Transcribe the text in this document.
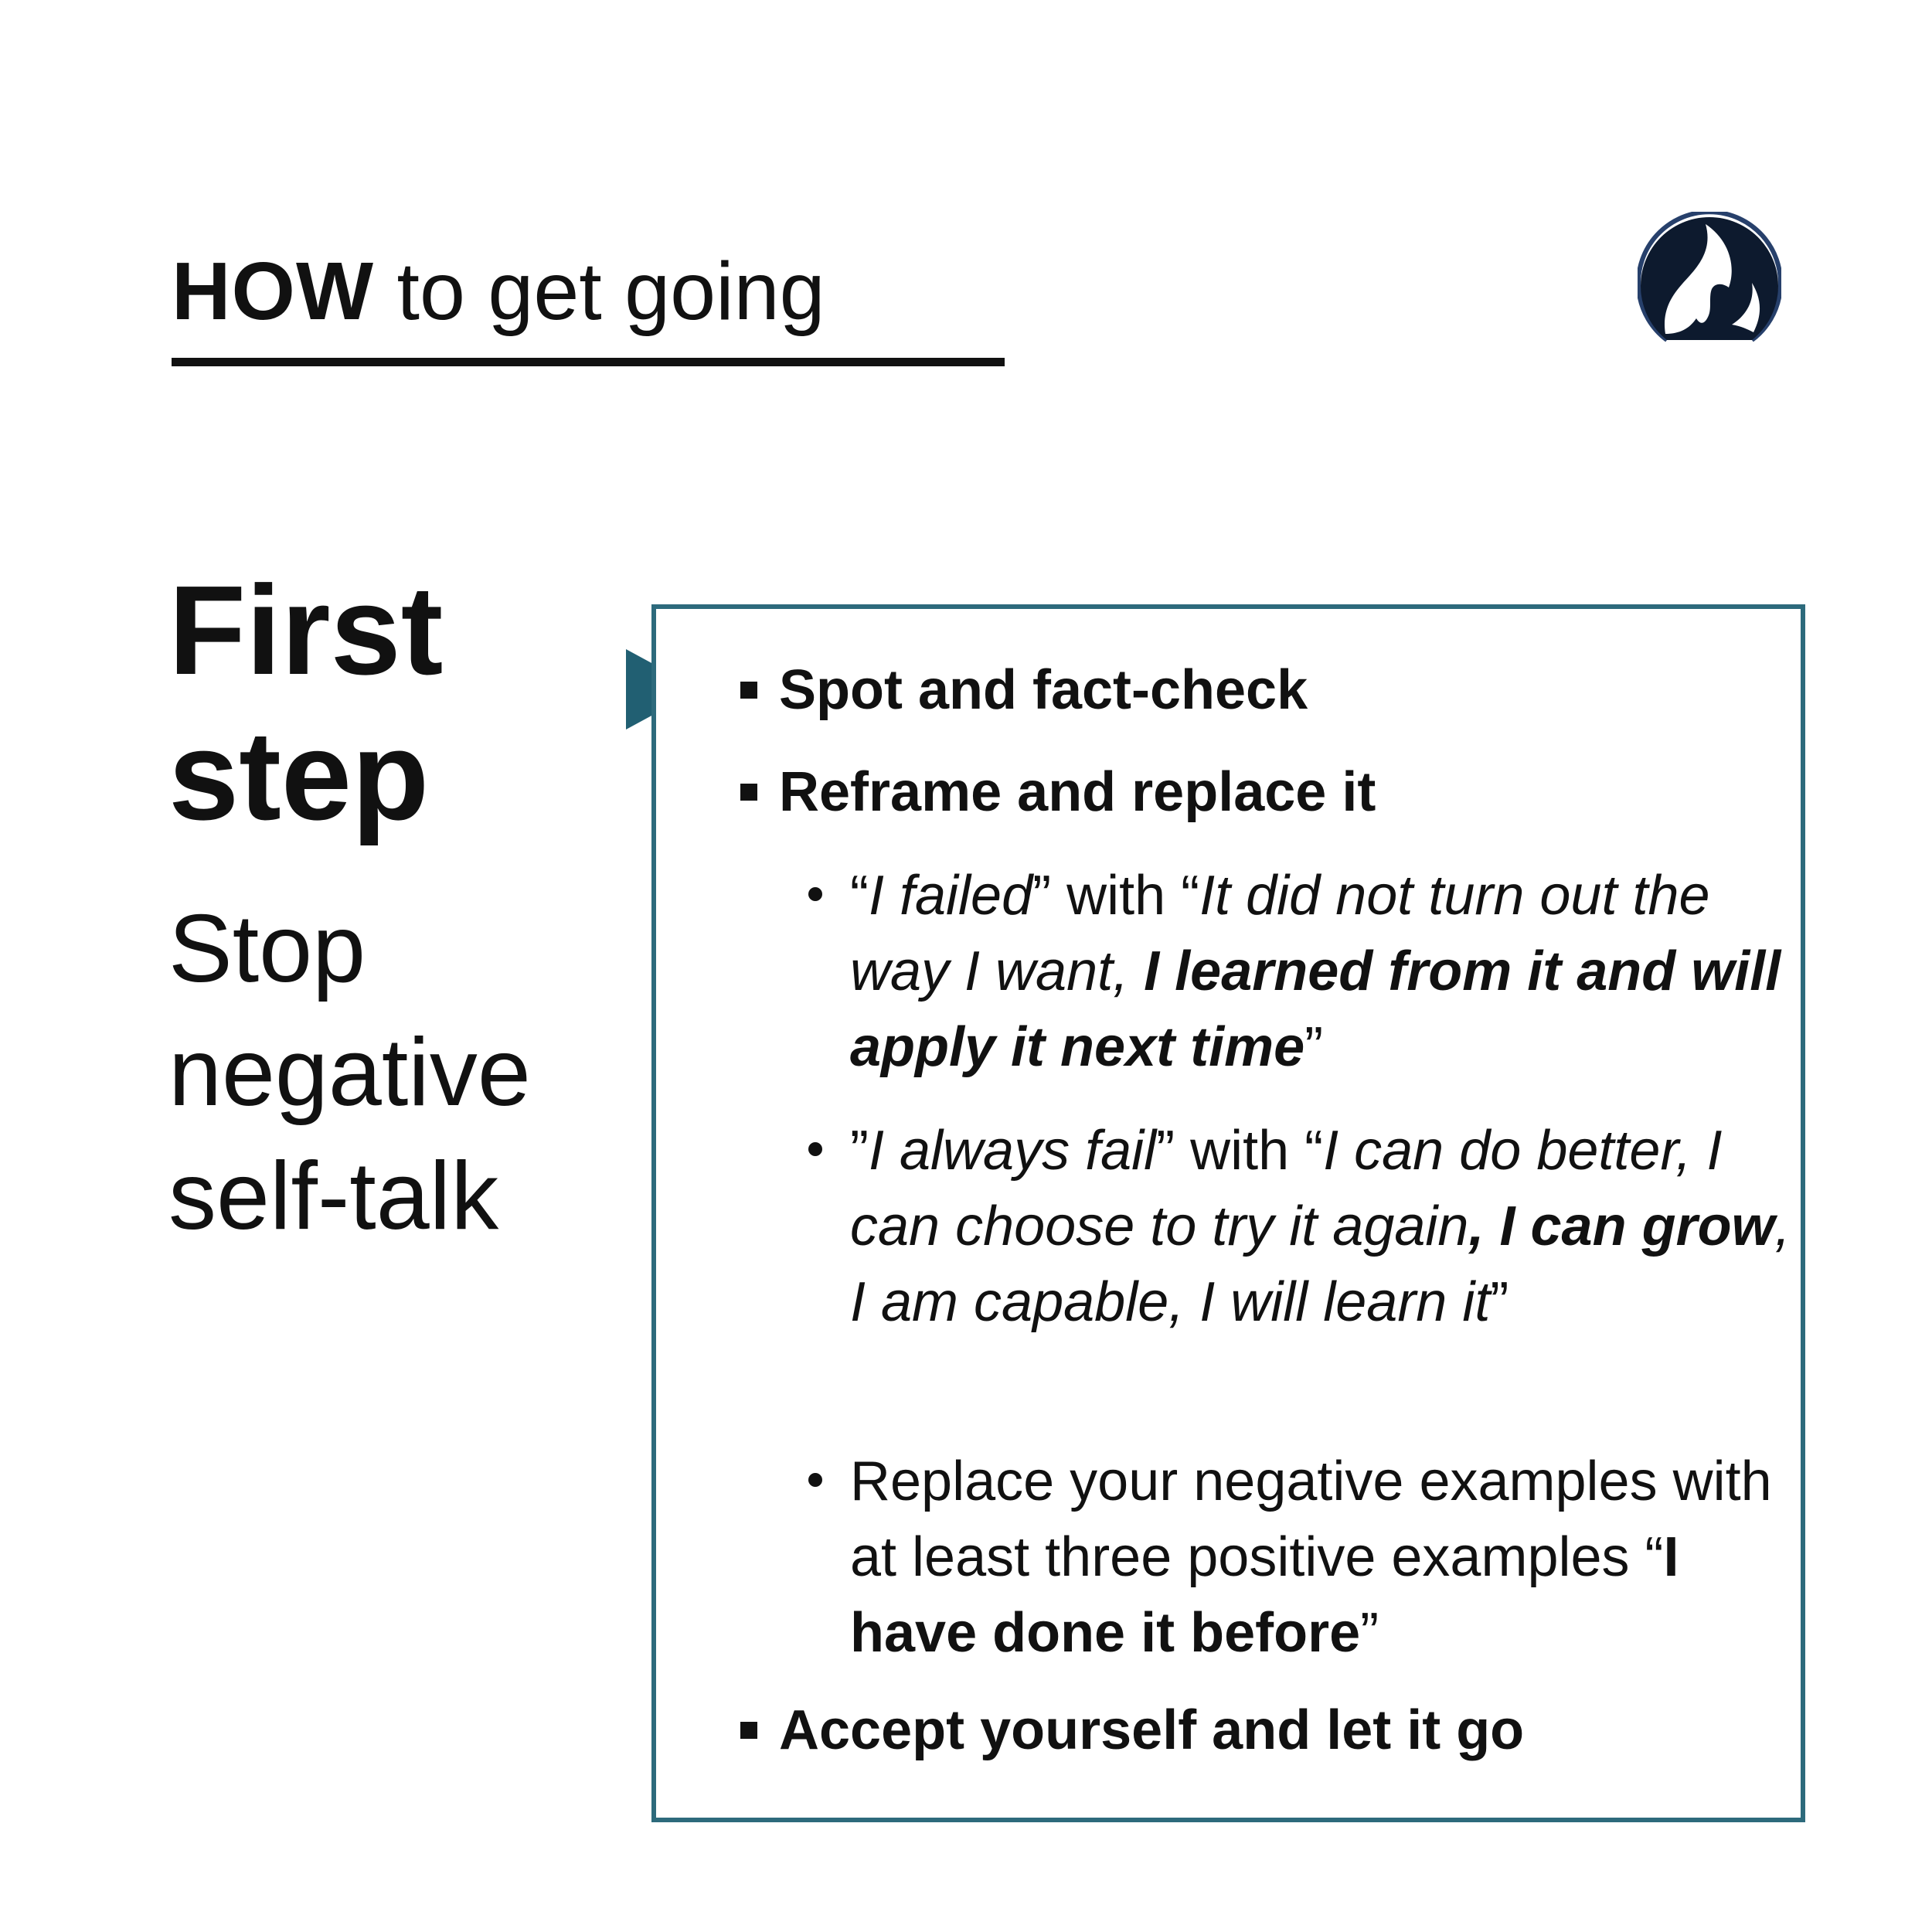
HOW to get going
First
step
Stop
negative
self-talk
Spot and fact-check
Reframe and replace it
“I failed” with “It did not turn out the way I want, I learned from it and will apply it next time”
”I always fail” with “I can do better, I can choose to try it again, I can grow, I am capable, I will learn it”
Replace your negative examples with at least three positive examples “I have done it before”
Accept yourself and let it go
